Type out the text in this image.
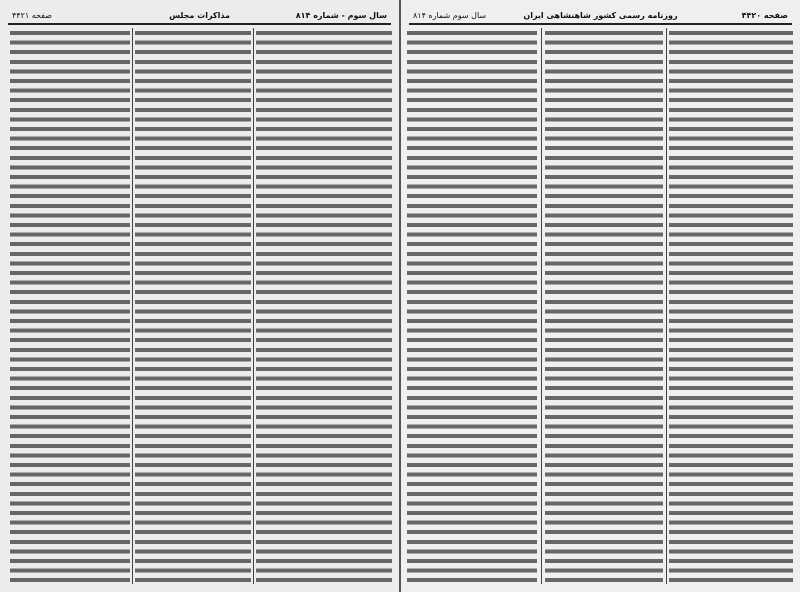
سال سوم - شماره ۸۱۴
مذاکرات مجلس
صفحه ۴۴۲۱	صفحه ۴۴۲۰
روزنامه رسمی کشور شاهنشاهی ایران
سال سوم شماره ۸۱۴
